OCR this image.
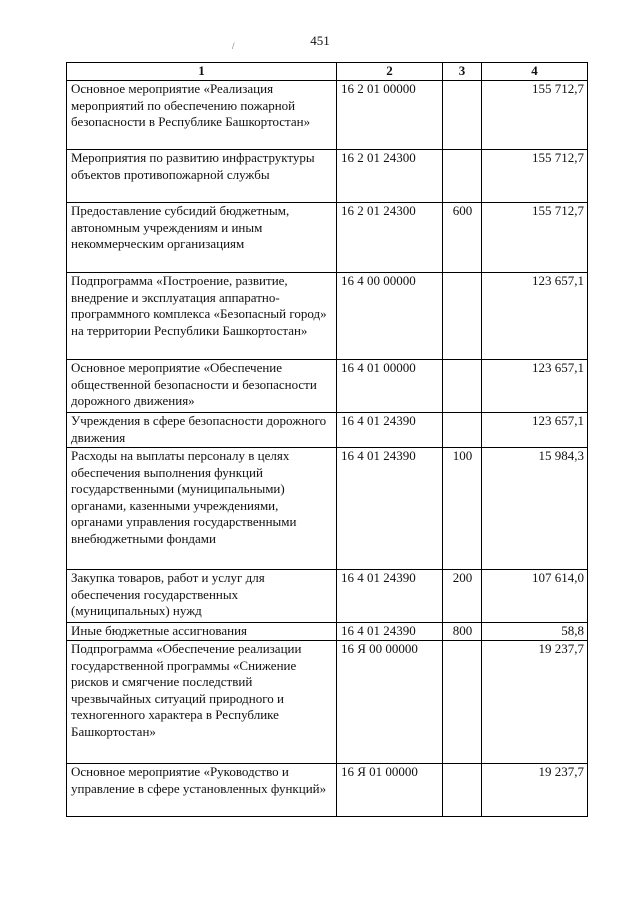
451
/
1	2	3	4
Основное мероприятие «Реализация мероприятий по обеспечению пожарной безопасности в Республике Башкортостан»	16 2 01 00000		155 712,7
Мероприятия по развитию инфраструктуры объектов противопожарной службы	16 2 01 24300		155 712,7
Предоставление субсидий бюджетным, автономным учреждениям и иным некоммерческим организациям	16 2 01 24300	600	155 712,7
Подпрограмма «Построение, развитие, внедрение и эксплуатация аппаратно-программного комплекса «Безопасный город» на территории Республики Башкортостан»	16 4 00 00000		123 657,1
Основное мероприятие «Обеспечение общественной безопасности и безопасности дорожного движения»	16 4 01 00000		123 657,1
Учреждения в сфере безопасности дорожного движения	16 4 01 24390		123 657,1
Расходы на выплаты персоналу в целях обеспечения выполнения функций государственными (муниципальными) органами, казенными учреждениями, органами управления государственными внебюджетными фондами	16 4 01 24390	100	15 984,3
Закупка товаров, работ и услуг для обеспечения государственных (муниципальных) нужд	16 4 01 24390	200	107 614,0
Иные бюджетные ассигнования	16 4 01 24390	800	58,8
Подпрограмма «Обеспечение реализации государственной программы «Снижение рисков и смягчение последствий чрезвычайных ситуаций природного и техногенного характера в Республике Башкортостан»	16 Я 00 00000		19 237,7
Основное мероприятие «Руководство и управление в сфере установленных функций»	16 Я 01 00000		19 237,7
